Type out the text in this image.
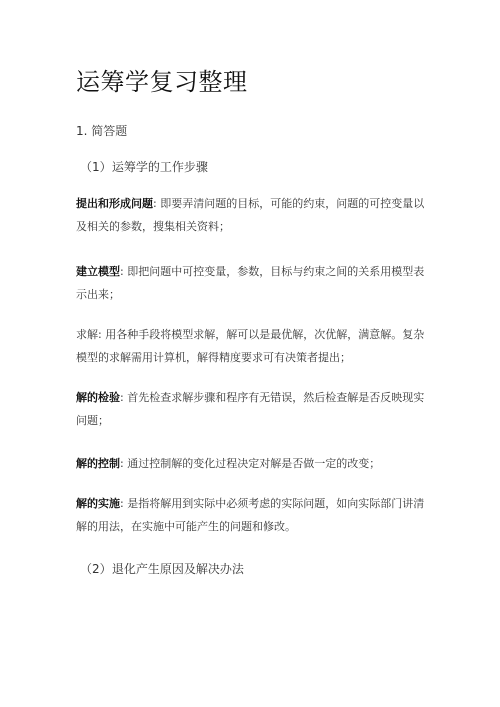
运筹学复习整理
1. 简答题
（1） 运筹学的工作步骤
提出和形成问题: 即要弄清问题的目标，可能的约束，问题的可控变量以及相关的参数，搜集相关资料；
建立模型: 即把问题中可控变量，参数，目标与约束之间的关系用模型表示出来；
求解: 用各种手段将模型求解，解可以是最优解，次优解，满意解。复杂模型的求解需用计算机，解得精度要求可有决策者提出；
解的检验: 首先检查求解步骤和程序有无错误，然后检查解是否反映现实问题；
解的控制: 通过控制解的变化过程决定对解是否做一定的改变；
解的实施: 是指将解用到实际中必须考虑的实际问题，如向实际部门讲清解的用法，在实施中可能产生的问题和修改。
（2） 退化产生原因及解决办法
